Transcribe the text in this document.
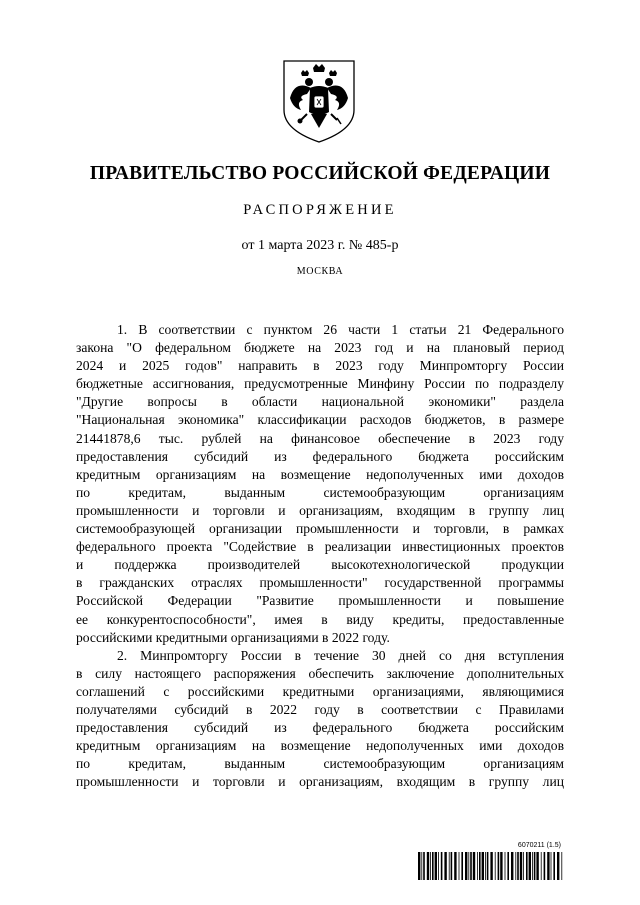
ПРАВИТЕЛЬСТВО РОССИЙСКОЙ ФЕДЕРАЦИИ
РАСПОРЯЖЕНИЕ
от 1 марта 2023 г. № 485-р
МОСКВА
1. В соответствии с пунктом 26 части 1 статьи 21 Федерального
закона "О федеральном бюджете на 2023 год и на плановый период
2024 и 2025 годов" направить в 2023 году Минпромторгу России
бюджетные ассигнования, предусмотренные Минфину России по подразделу
"Другие вопросы в области национальной экономики" раздела
"Национальная экономика" классификации расходов бюджетов, в размере
21441878,6 тыс. рублей на финансовое обеспечение в 2023 году
предоставления субсидий из федерального бюджета российским
кредитным организациям на возмещение недополученных ими доходов
по кредитам, выданным системообразующим организациям
промышленности и торговли и организациям, входящим в группу лиц
системообразующей организации промышленности и торговли, в рамках
федерального проекта "Содействие в реализации инвестиционных проектов
и поддержка производителей высокотехнологической продукции
в гражданских отраслях промышленности" государственной программы
Российской Федерации "Развитие промышленности и повышение
ее конкурентоспособности", имея в виду кредиты, предоставленные
российскими кредитными организациями в 2022 году.
2. Минпромторгу России в течение 30 дней со дня вступления
в силу настоящего распоряжения обеспечить заключение дополнительных
соглашений с российскими кредитными организациями, являющимися
получателями субсидий в 2022 году в соответствии с Правилами
предоставления субсидий из федерального бюджета российским
кредитным организациям на возмещение недополученных ими доходов
по кредитам, выданным системообразующим организациям
промышленности и торговли и организациям, входящим в группу лиц
6070211 (1.5)
